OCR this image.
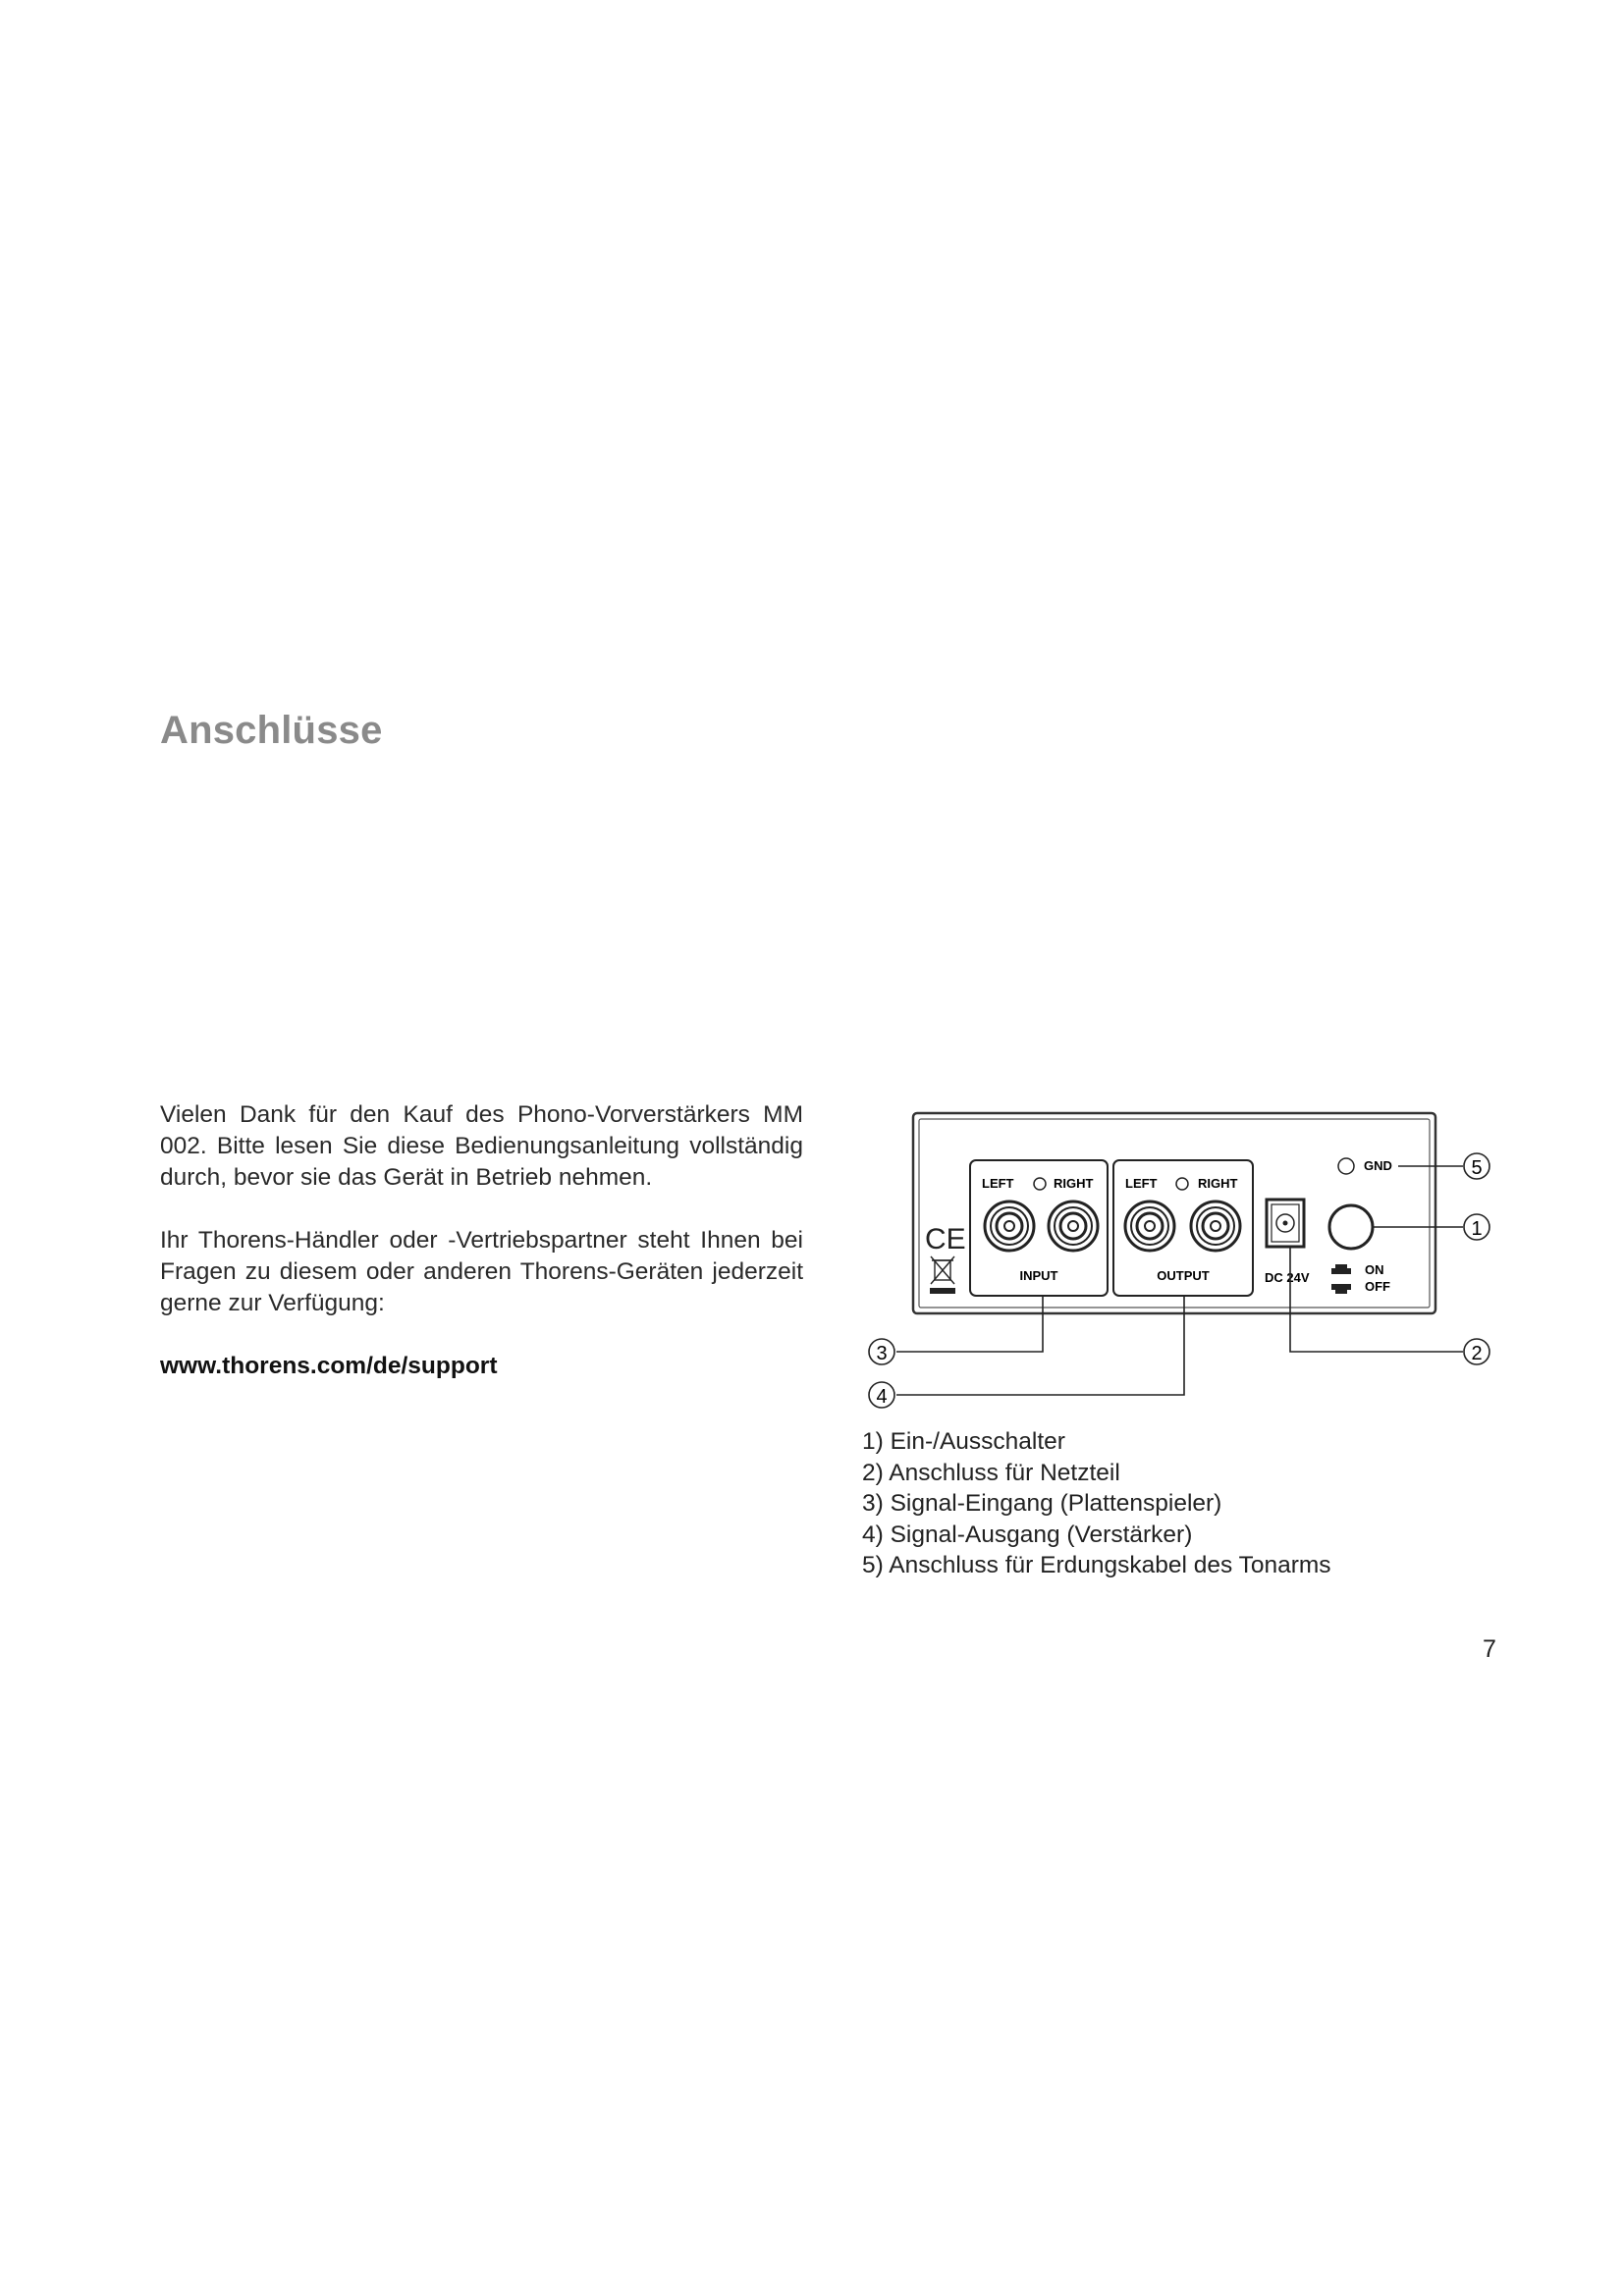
Anschlüsse

Vielen Dank für den Kauf des Phono-Vorverstärkers MM 002. Bitte lesen Sie diese Bedienungsanleitung vollständig durch, bevor sie das Gerät in Betrieb nehmen.

Ihr Thorens-Händler oder -Vertriebspartner steht Ihnen bei Fragen zu diesem oder anderen Thorens-Geräten jederzeit gerne zur Verfügung:

www.thorens.com/de/support

CE
LEFT	RIGHT
INPUT
LEFT	RIGHT
OUTPUT	DC 24V
ON
OFF
GND	5
1
2
3
4
1) Ein-/Ausschalter
2) Anschluss für Netzteil
3) Signal-Eingang (Plattenspieler)
4) Signal-Ausgang (Verstärker)
5) Anschluss für Erdungskabel des Tonarms
7
